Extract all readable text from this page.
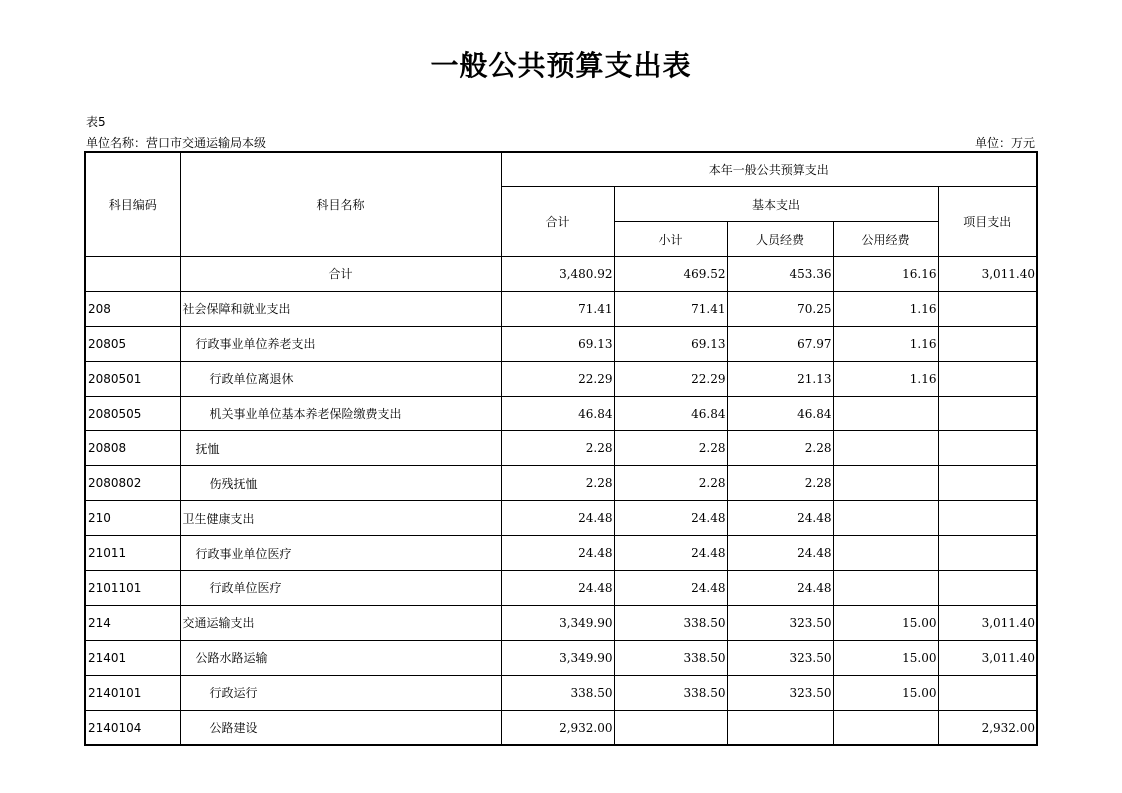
一般公共预算支出表
表5
单位名称：营口市交通运输局本级	单位：万元
科目编码	科目名称	本年一般公共预算支出				
		合计	基本支出			项目支出
			小计	人员经费	公用经费	
	合计	3,480.92	469.52	453.36	16.16	3,011.40
208	社会保障和就业支出	71.41	71.41	70.25	1.16	
20805	行政事业单位养老支出	69.13	69.13	67.97	1.16	
2080501	行政单位离退休	22.29	22.29	21.13	1.16	
2080505	机关事业单位基本养老保险缴费支出	46.84	46.84	46.84		
20808	抚恤	2.28	2.28	2.28		
2080802	伤残抚恤	2.28	2.28	2.28		
210	卫生健康支出	24.48	24.48	24.48		
21011	行政事业单位医疗	24.48	24.48	24.48		
2101101	行政单位医疗	24.48	24.48	24.48		
214	交通运输支出	3,349.90	338.50	323.50	15.00	3,011.40
21401	公路水路运输	3,349.90	338.50	323.50	15.00	3,011.40
2140101	行政运行	338.50	338.50	323.50	15.00	
2140104	公路建设	2,932.00				2,932.00
